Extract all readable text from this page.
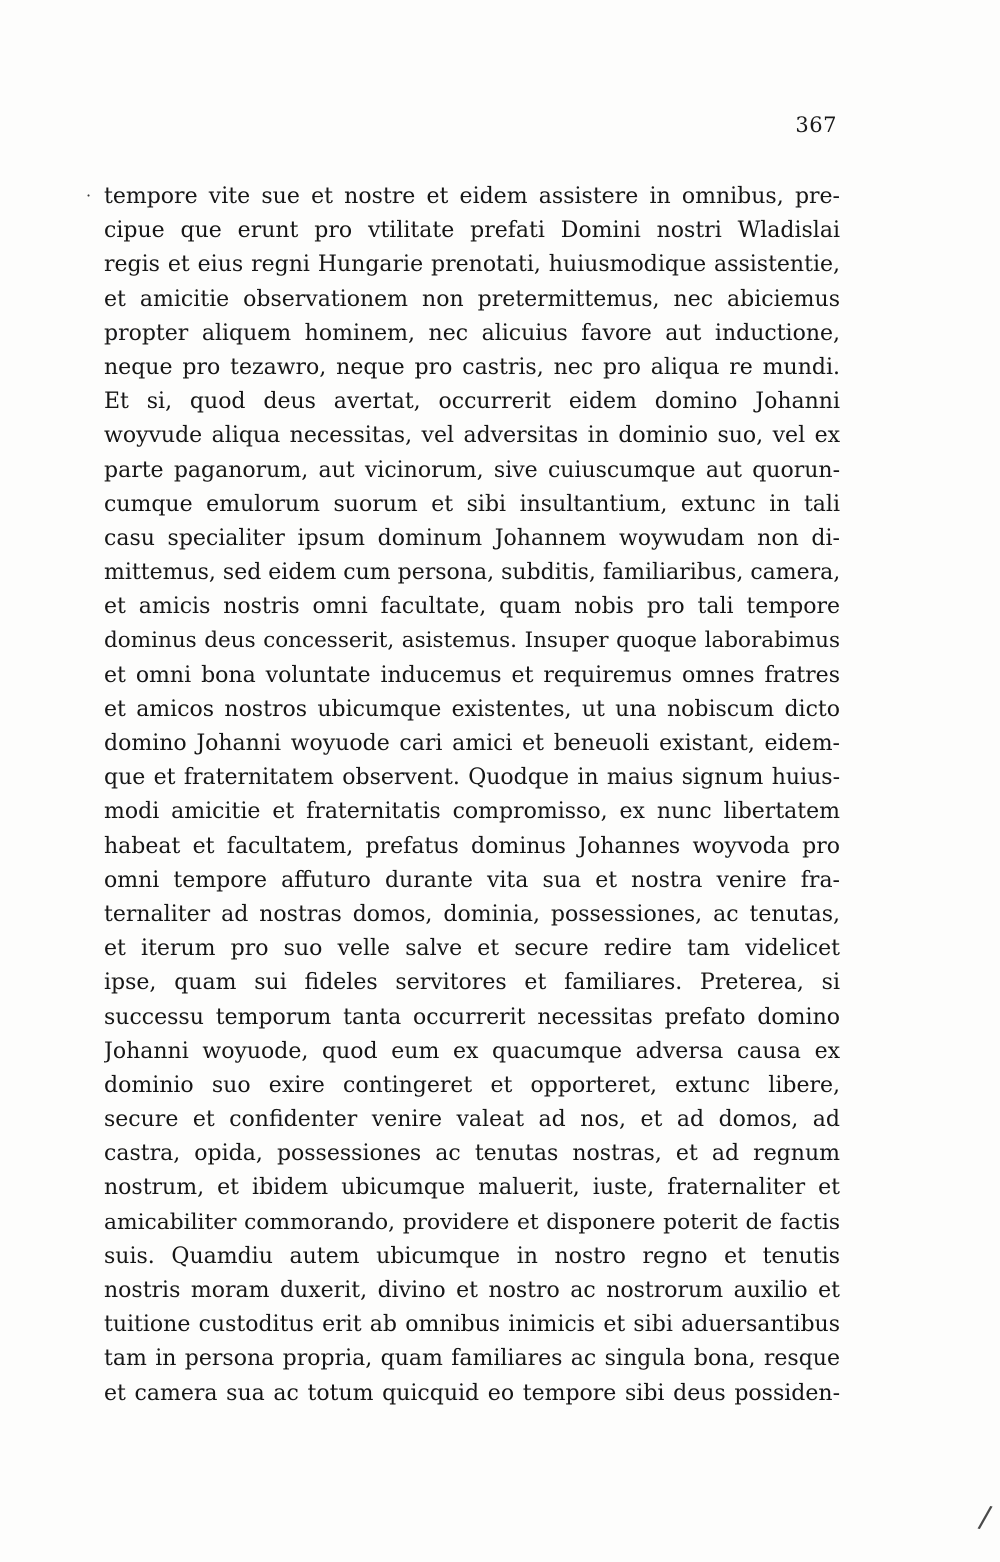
367
tempore vite sue et nostre et eidem assistere in omnibus, pre-
cipue que erunt pro vtilitate prefati Domini nostri Wladislai
regis et eius regni Hungarie prenotati, huiusmodique assistentie,
et amicitie observationem non pretermittemus, nec abiciemus
propter aliquem hominem, nec alicuius favore aut inductione,
neque pro tezawro, neque pro castris, nec pro aliqua re mundi.
Et si, quod deus avertat, occurrerit eidem domino Johanni
woyvude aliqua necessitas, vel adversitas in dominio suo, vel ex
parte paganorum, aut vicinorum, sive cuiuscumque aut quorun-
cumque emulorum suorum et sibi insultantium, extunc in tali
casu specialiter ipsum dominum Johannem woywudam non di-
mittemus, sed eidem cum persona, subditis, familiaribus, camera,
et amicis nostris omni facultate, quam nobis pro tali tempore
dominus deus concesserit, asistemus. Insuper quoque laborabimus
et omni bona voluntate inducemus et requiremus omnes fratres
et amicos nostros ubicumque existentes, ut una nobiscum dicto
domino Johanni woyuode cari amici et beneuoli existant, eidem-
que et fraternitatem observent. Quodque in maius signum huius-
modi amicitie et fraternitatis compromisso, ex nunc libertatem
habeat et facultatem, prefatus dominus Johannes woyvoda pro
omni tempore affuturo durante vita sua et nostra venire fra-
ternaliter ad nostras domos, dominia, possessiones, ac tenutas,
et iterum pro suo velle salve et secure redire tam videlicet
ipse, quam sui fideles servitores et familiares. Preterea, si
successu temporum tanta occurrerit necessitas prefato domino
Johanni woyuode, quod eum ex quacumque adversa causa ex
dominio suo exire contingeret et opporteret, extunc libere,
secure et confidenter venire valeat ad nos, et ad domos, ad
castra, opida, possessiones ac tenutas nostras, et ad regnum
nostrum, et ibidem ubicumque maluerit, iuste, fraternaliter et
amicabiliter commorando, providere et disponere poterit de factis
suis. Quamdiu autem ubicumque in nostro regno et tenutis
nostris moram duxerit, divino et nostro ac nostrorum auxilio et
tuitione custoditus erit ab omnibus inimicis et sibi aduersantibus
tam in persona propria, quam familiares ac singula bona, resque
et camera sua ac totum quicquid eo tempore sibi deus possiden-
·
/
